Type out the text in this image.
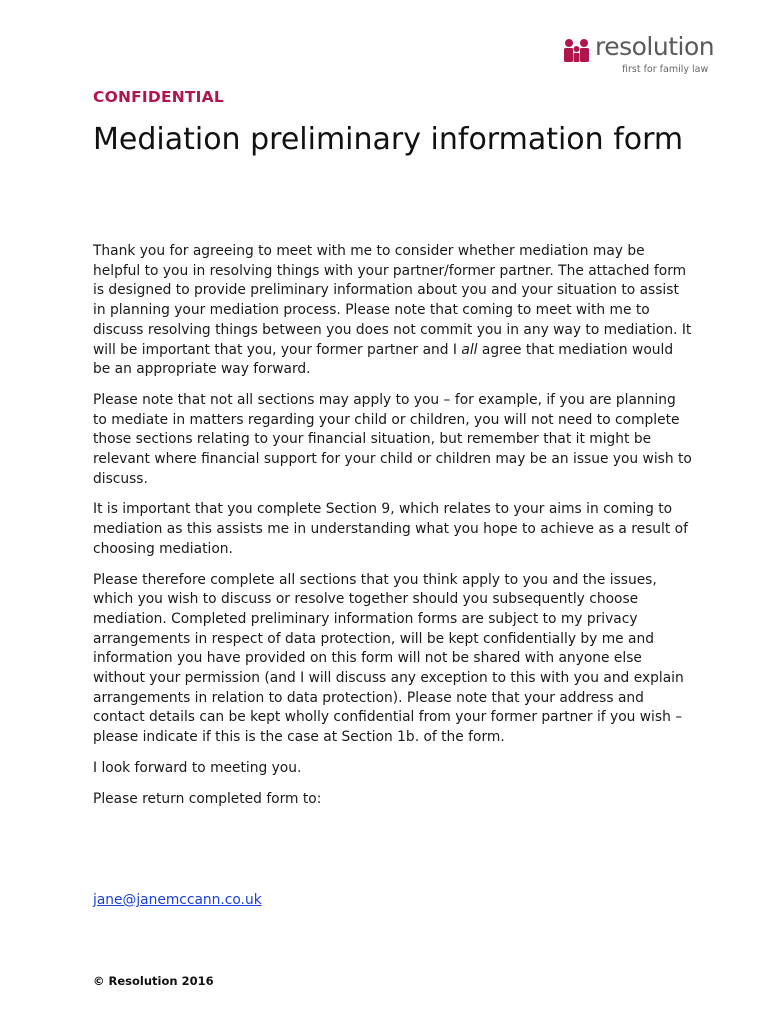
resolution
first for family law
CONFIDENTIAL
Mediation preliminary information form

Thank you for agreeing to meet with me to consider whether mediation may be helpful to you in resolving things with your partner/former partner. The attached form is designed to provide preliminary information about you and your situation to assist in planning your mediation process. Please note that coming to meet with me to discuss resolving things between you does not commit you in any way to mediation. It will be important that you, your former partner and I all agree that mediation would be an appropriate way forward.

Please note that not all sections may apply to you – for example, if you are planning to mediate in matters regarding your child or children, you will not need to complete those sections relating to your financial situation, but remember that it might be relevant where financial support for your child or children may be an issue you wish to discuss.

It is important that you complete Section 9, which relates to your aims in coming to mediation as this assists me in understanding what you hope to achieve as a result of choosing mediation.

Please therefore complete all sections that you think apply to you and the issues, which you wish to discuss or resolve together should you subsequently choose mediation. Completed preliminary information forms are subject to my privacy arrangements in respect of data protection, will be kept confidentially by me and information you have provided on this form will not be shared with anyone else without your permission (and I will discuss any exception to this with you and explain arrangements in relation to data protection). Please note that your address and contact details can be kept wholly confidential from your former partner if you wish – please indicate if this is the case at Section 1b. of the form.

I look forward to meeting you.

Please return completed form to:

jane@janemccann.co.uk
© Resolution 2016
